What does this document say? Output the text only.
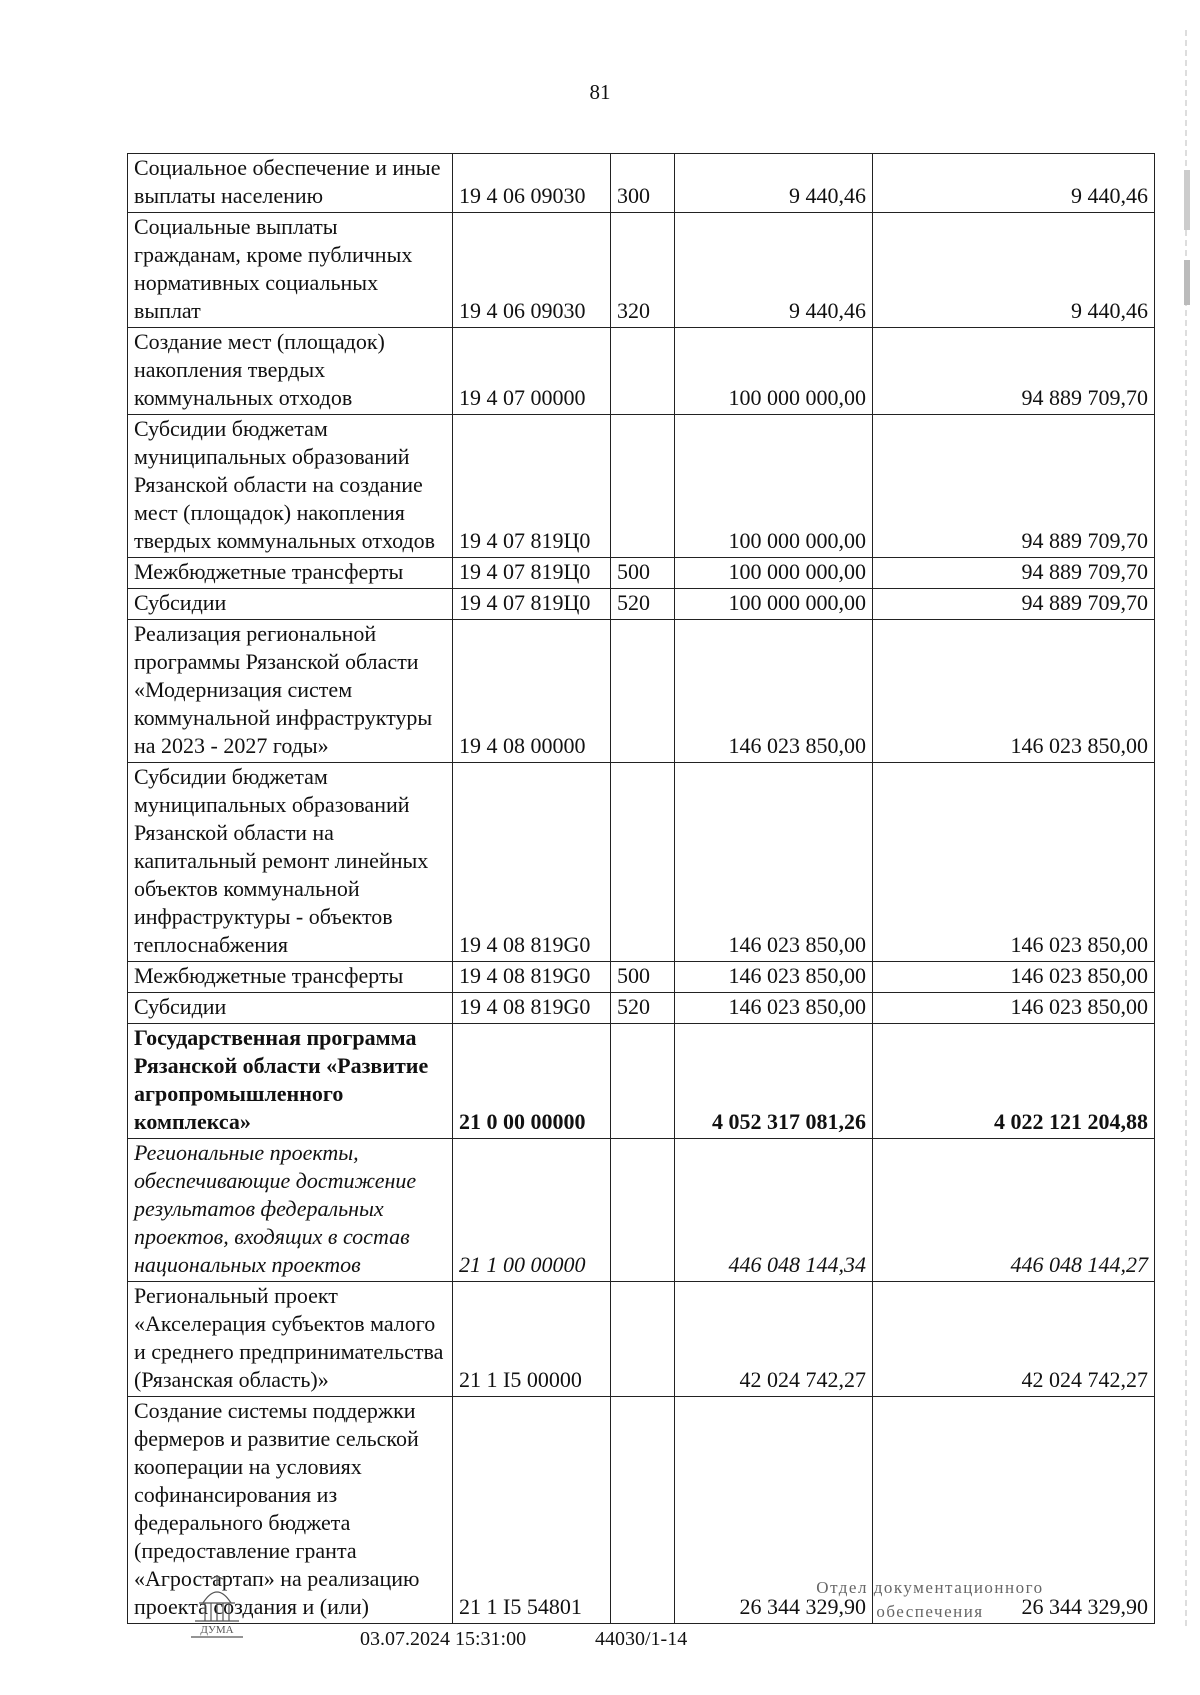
81
Социальное обеспечение и иные выплаты населению	19 4 06 09030	300	9 440,46	9 440,46
Социальные выплаты гражданам, кроме публичных нормативных социальных выплат	19 4 06 09030	320	9 440,46	9 440,46
Создание мест (площадок) накопления твердых коммунальных отходов	19 4 07 00000		100 000 000,00	94 889 709,70
Субсидии бюджетам муниципальных образований Рязанской области на создание мест (площадок) накопления твердых коммунальных отходов	19 4 07 819Ц0		100 000 000,00	94 889 709,70
Межбюджетные трансферты	19 4 07 819Ц0	500	100 000 000,00	94 889 709,70
Субсидии	19 4 07 819Ц0	520	100 000 000,00	94 889 709,70
Реализация региональной программы Рязанской области «Модернизация систем коммунальной инфраструктуры на 2023 - 2027 годы»	19 4 08 00000		146 023 850,00	146 023 850,00
Субсидии бюджетам муниципальных образований Рязанской области на капитальный ремонт линейных объектов коммунальной инфраструктуры - объектов теплоснабжения	19 4 08 819G0		146 023 850,00	146 023 850,00
Межбюджетные трансферты	19 4 08 819G0	500	146 023 850,00	146 023 850,00
Субсидии	19 4 08 819G0	520	146 023 850,00	146 023 850,00
Государственная программа Рязанской области «Развитие агропромышленного комплекса»	21 0 00 00000		4 052 317 081,26	4 022 121 204,88
Региональные проекты, обеспечивающие достижение результатов федеральных проектов, входящих в состав национальных проектов	21 1 00 00000		446 048 144,34	446 048 144,27
Региональный проект «Акселерация субъектов малого и среднего предпринимательства (Рязанская область)»	21 1 I5 00000		42 024 742,27	42 024 742,27
Создание системы поддержки фермеров и развитие сельской кооперации на условиях софинансирования из федерального бюджета (предоставление гранта «Агростартап» на реализацию проекта создания и (или)	21 1 I5 54801		26 344 329,90	26 344 329,90
ДУМА	03.07.2024 15:31:00	44030/1-14
Отдел документационного
обеспечения
